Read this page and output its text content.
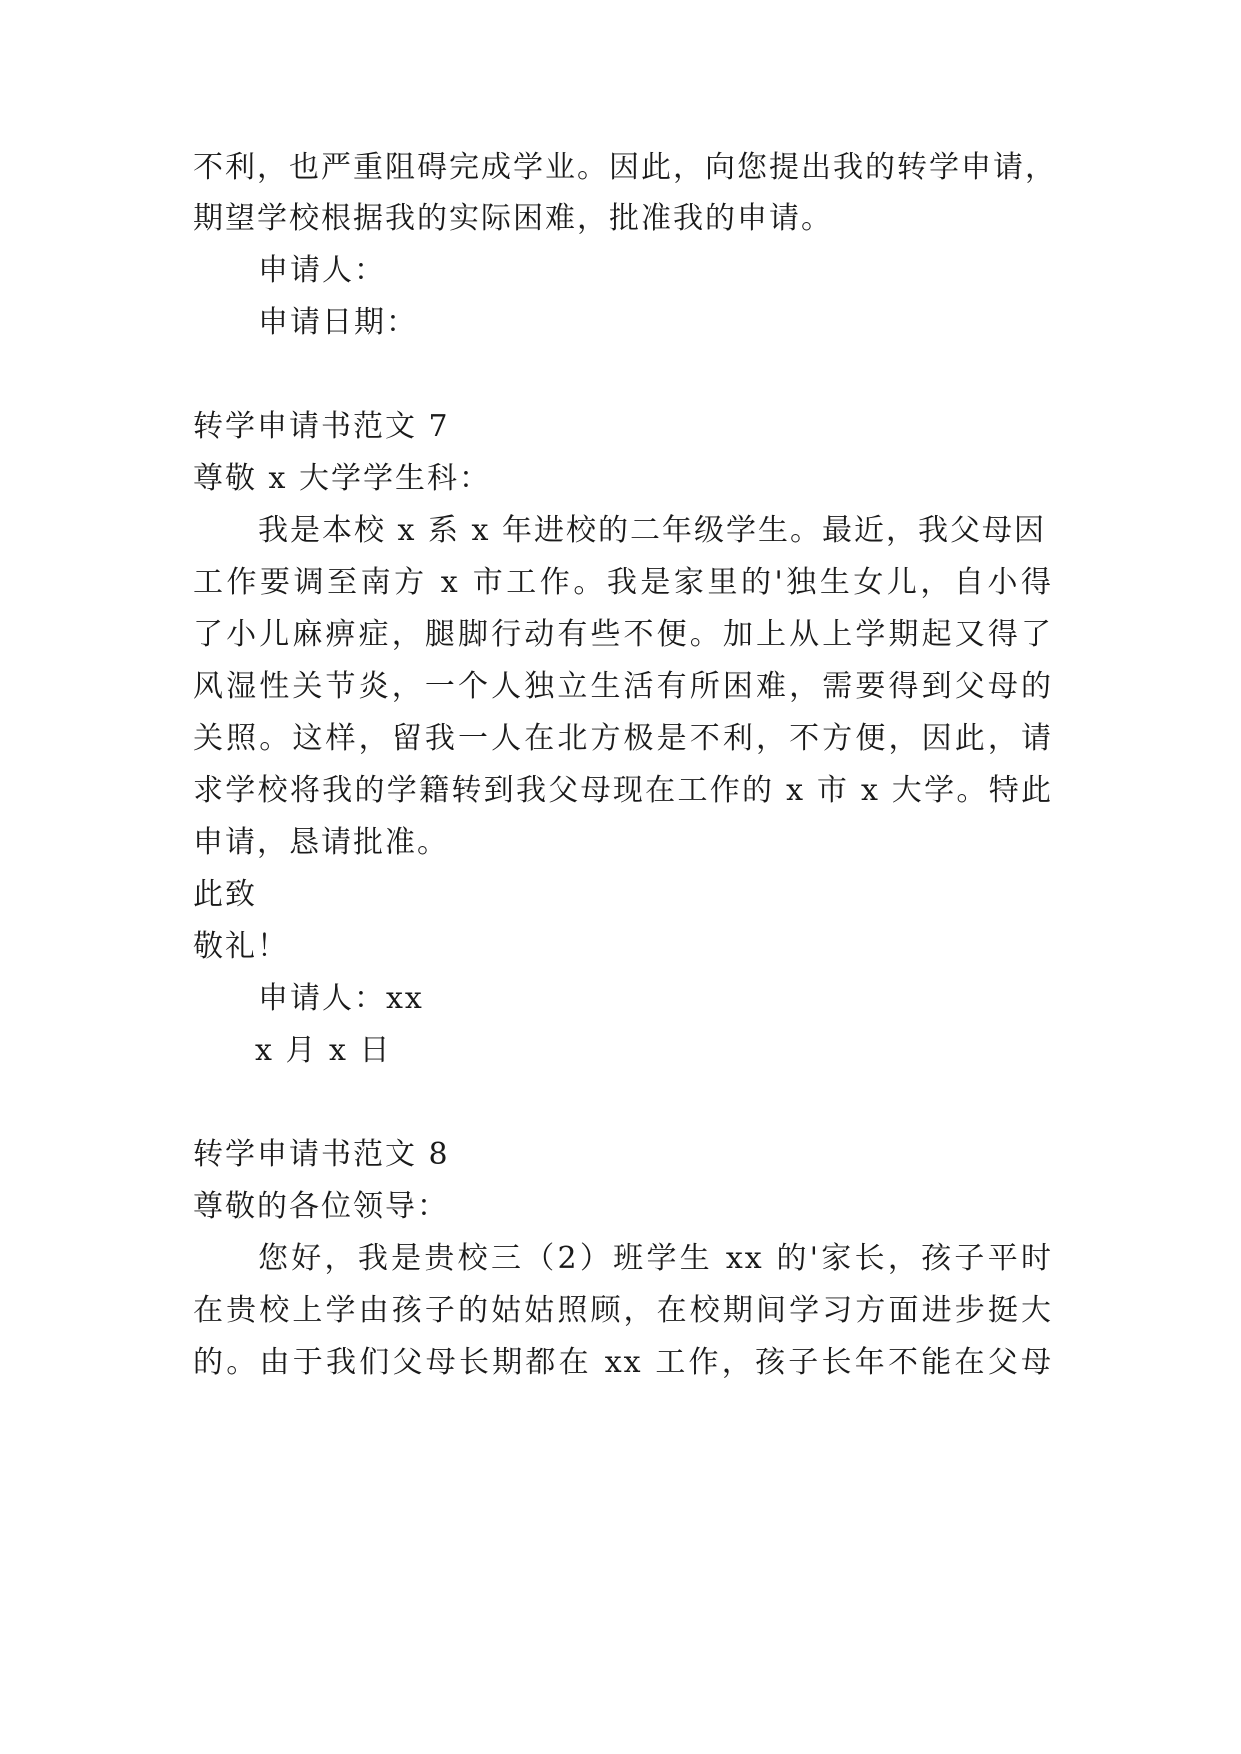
不利，也严重阻碍完成学业。因此，向您提出我的转学申请，
期望学校根据我的实际困难，批准我的申请。
申请人：
申请日期：
转学申请书范文 7
尊敬 x 大学学生科：
我是本校 x 系 x 年进校的二年级学生。最近，我父母因
工作要调至南方 x 市工作。我是家里的'独生女儿，自小得
了小儿麻痹症，腿脚行动有些不便。加上从上学期起又得了
风湿性关节炎，一个人独立生活有所困难，需要得到父母的
关照。这样，留我一人在北方极是不利，不方便，因此，请
求学校将我的学籍转到我父母现在工作的 x 市 x 大学。特此
申请，恳请批准。
此致
敬礼！
申请人：xx
x 月 x 日
转学申请书范文 8
尊敬的各位领导：
您好，我是贵校三（2）班学生 xx 的'家长，孩子平时
在贵校上学由孩子的姑姑照顾，在校期间学习方面进步挺大
的。由于我们父母长期都在 xx 工作，孩子长年不能在父母
